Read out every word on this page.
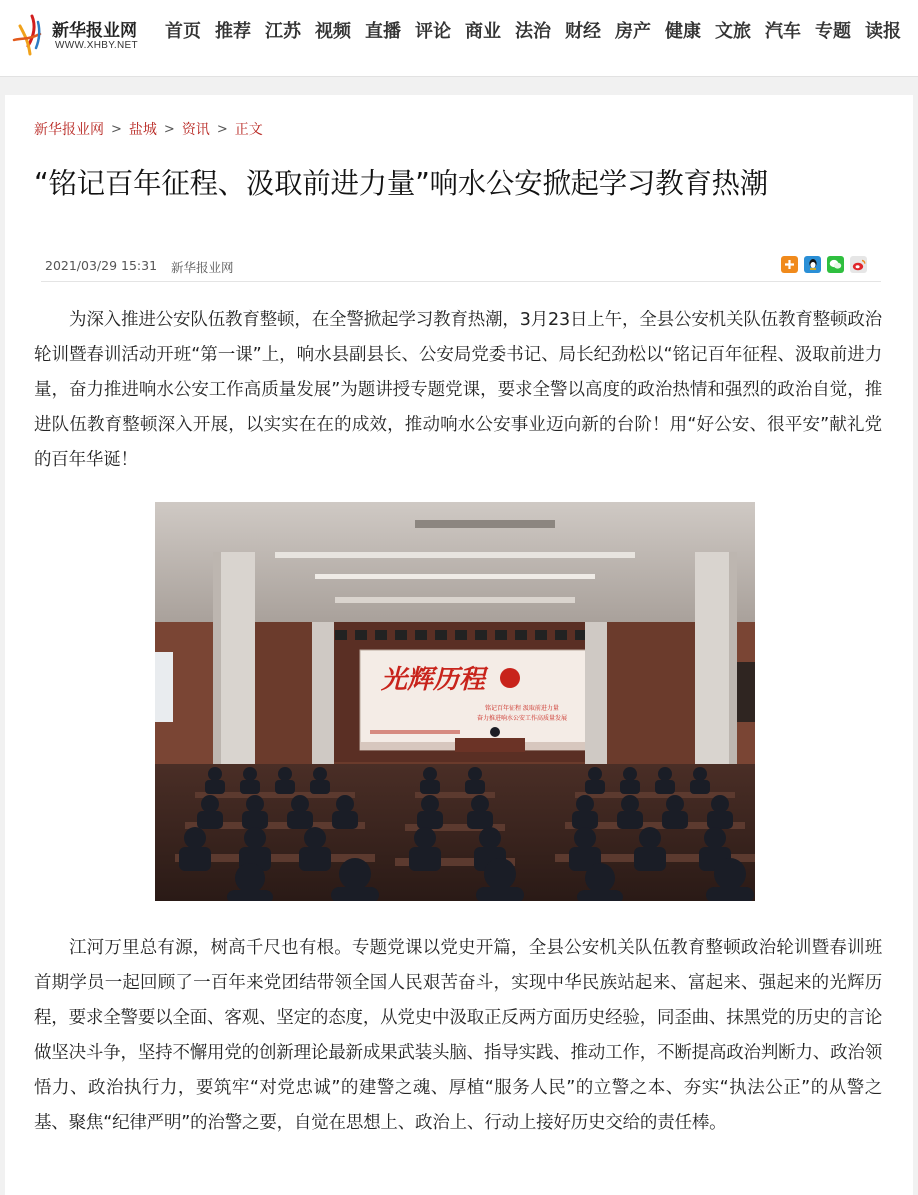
新华报业网
WWW.XHBY.NET
首页 推荐 江苏 视频 直播 评论 商业 法治 财经 房产 健康 文旅 汽车 专题 读报
新华报业网 > 盐城 > 资讯 > 正文
“铭记百年征程、汲取前进力量”响水公安掀起学习教育热潮
2021/03/29 15:31 新华报业网

为深入推进公安队伍教育整顿，在全警掀起学习教育热潮，3月23日上午，全县公安机关队伍教育整顿政治轮训暨春训活动开班“第一课”上，响水县副县长、公安局党委书记、局长纪劲松以“铭记百年征程、汲取前进力量，奋力推进响水公安工作高质量发展”为题讲授专题党课，要求全警以高度的政治热情和强烈的政治自觉，推进队伍教育整顿深入开展，以实实在在的成效，推动响水公安事业迈向新的台阶！用“好公安、很平安”献礼党的百年华诞！

光辉历程
铭记百年征程 汲取前进力量
奋力推进响水公安工作高质量发展

江河万里总有源，树高千尺也有根。专题党课以党史开篇，全县公安机关队伍教育整顿政治轮训暨春训班首期学员一起回顾了一百年来党团结带领全国人民艰苦奋斗，实现中华民族站起来、富起来、强起来的光辉历程，要求全警要以全面、客观、坚定的态度，从党史中汲取正反两方面历史经验，同歪曲、抹黑党的历史的言论做坚决斗争，坚持不懈用党的创新理论最新成果武装头脑、指导实践、推动工作，不断提高政治判断力、政治领悟力、政治执行力，要筑牢“对党忠诚”的建警之魂、厚植“服务人民”的立警之本、夯实“执法公正”的从警之基、聚焦“纪律严明”的治警之要，自觉在思想上、政治上、行动上接好历史交给的责任棒。
